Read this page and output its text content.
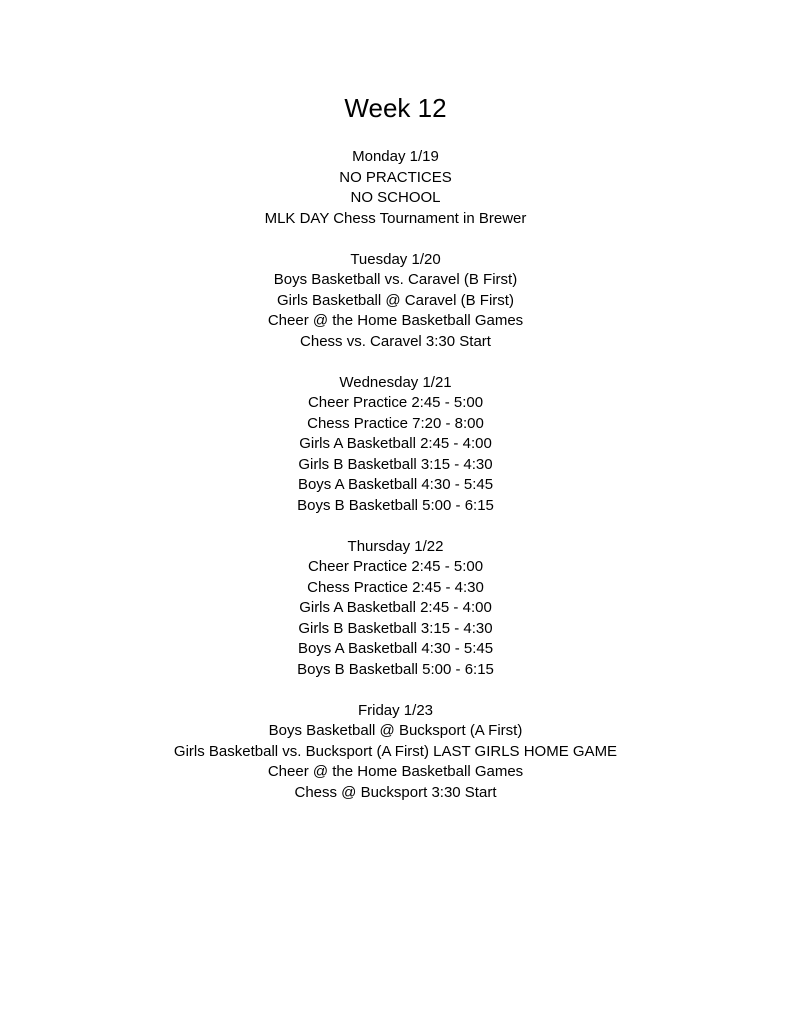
Week 12
Monday 1/19
NO PRACTICES
NO SCHOOL
MLK DAY Chess Tournament in Brewer
Tuesday 1/20
Boys Basketball vs. Caravel (B First)
Girls Basketball @ Caravel (B First)
Cheer @ the Home Basketball Games
Chess vs. Caravel 3:30 Start
Wednesday 1/21
Cheer Practice 2:45 - 5:00
Chess Practice 7:20 - 8:00
Girls A Basketball 2:45 - 4:00
Girls B Basketball 3:15 - 4:30
Boys A Basketball 4:30 - 5:45
Boys B Basketball 5:00 - 6:15
Thursday 1/22
Cheer Practice 2:45 - 5:00
Chess Practice 2:45 - 4:30
Girls A Basketball 2:45 - 4:00
Girls B Basketball 3:15 - 4:30
Boys A Basketball 4:30 - 5:45
Boys B Basketball 5:00 - 6:15
Friday 1/23
Boys Basketball @ Bucksport (A First)
Girls Basketball vs. Bucksport (A First) LAST GIRLS HOME GAME
Cheer @ the Home Basketball Games
Chess @ Bucksport 3:30 Start
